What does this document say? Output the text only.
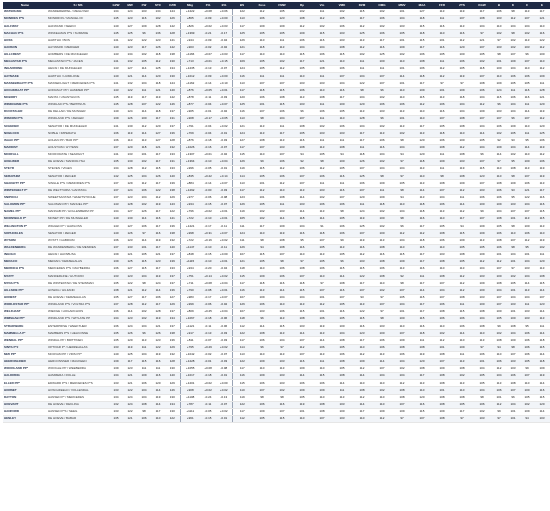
Name	S / MS	GZW	MW	FW	STC	CZW	Mkg	F%	E%	BS	Fess	FMW	Rp	Vm	VMK	DZM	OMG	MMV	MAA	FFR	ZTS	KGW	B	K	C	E	
WATERLINE	WANDERERPEL / MEGHYER	134	124	103	134	144	+1222	+0.08	+0.06	122	112	105	102	111	102	115	102	101	127	113	119	117	106	98	113	117	
MONDIES P*S	MONDRON / MANUEL FF	145	123	116	102	126	+865	-0.09	+0.00	113	106	123	108	112	105	117	106	104	118	111	107	108	103	112	107	121	
HALFWAY	HAFWAND / SEEKO	140	127	109	128	142	+826	+0.02	+0.03	117	109	109	112	102	106	112	102	103	115	116	113	104	110	104	104	110	
MACHAU P*S	WINKELMAN P*S / SUMMOE	145	125	96	136	128	+1399	-0.21	-0.17	125	105	105	109	115	103	125	106	105	118	110	116	97	102	98	102	116	
HOSS	HAWTHU / BOS	141	122	122	123	141	+944	-0.09	-0.04	126	110	111	106	116	103	113	117	101	115	101	112	121	97	102	113	122	
HANSON	HAYWARD / MEDIHER	140	123	117	126	142	+903	-0.02	-0.02	121	118	113	104	104	108	112	116	109	117	116	120	107	103	102	103	112	
HILLCREST	HOMBERS / DE MUNGELER	143	134	102	118	138	+1166	+0.07	+0.03	117	110	110	115	106	115	102	125	102	106	105	100	105	98	107	96	100	
MEGASTAR P*S	MEGASTAR P*S / JACEN	141	132	105	112	130	+713	+0.01	+0.15	109	105	102	117	121	110	111	100	110	108	111	106	102	101	109	107	110	
INGADRONE	HEGSI / DE MUNGELER	143	127	114	125	134	+1235	-0.13	-0.07	124	105	112	105	108	106	111	111	101	106	112	105	118	100	104	110	112	
HAYMAKE	HAWTHU / HUMILONE	140	121	114	120	130	+1012	-0.09	+0.00	116	111	111	110	111	107	104	107	114	118	112	119	107	110	106	106	109	
MASSEBRAATT P*S	MASSEFLIGHT / MERCEDES P*S	141	132	104	118	144	+1162	-0.14	+0.10	113	107	107	103	103	104	122	107	101	117	97	97	108	109	105	105	111	
HOCHKRAAT PP*	HOFRAGT PP / HAMMER PP*	143	122	111	121	140	+876	+0.05	+0.01	117	118	115	106	110	116	98	96	110	109	101	109	106	124	111	116	128	
MCBORY	MANTA / UNANTHUOS	145	119	117	119	142	+878	-0.11	-0.03	120	106	108	113	108	117	104	102	110	115	113	118	104	115	106	116	121	
WINDCHIME P*S	WINDLAD P*S / BEPPINUS	145	128	107	122	146	+877	-0.04	+0.07	125	101	115	103	111	100	120	106	106	112	106	104	112	96	104	111	120	
DUCKTALER	DE DELLAR / DE MUNGER	140	124	114	118	137	+905	-0.01	-0.02	116	107	106	96	106	105	113	103	113	110	116	104	109	103	104	114	119	
WISDOM P*S	WINDLAND P*S / ZEIGER	139	126	100	117	131	+908	+0.17	+0.05	113	98	104	107	111	110	128	96	101	110	107	108	107	107	96	107	112	
SCHEDER	SENATOR / DE MUNGELER	141	130	112	120	137	+791	-0.04	+0.02	121	113	111	108	102	106	104	102	113	117	105	108	104	106	109	110	120	
NOBLOCK	NOBLE / IMPERATH	136	119	114	127	136	+769	-0.04	-0.01	124	113	117	105	103	103	117	113	102	113	118	110	114	102	105	111	125	
ISAAC PP*	HOHAN PP / BAR PP*	136	110	113	127	128	+876	-0.18	-0.03	127	108	113	116	111	111	117	106	98	120	106	100	105	92	93	95	106	
MARIOST	HOLSTIUM / HYTENN	137	120	118	121	132	+1026	-0.16	-0.07	117	107	103	108	113	108	111	116	104	109	108	112	104	109	104	114	119	
MOOFALL	MOOFORATE / SEARGUT	141	133	101	117	133	+1307	+0.01	-0.02	115	110	107	94	105	94	118	104	94	120	111	108	96	114	102	110	112	
HOELWER	DE HOEVE / MANDOLYSH	135	130	102	117	131	+1364	-0.10	+0.04	126	99	106	92	98	100	126	102	97	118	109	103	107	97	95	100	106	
STEYR	STEVEN / VIGEN	134	128	112	115	133	+996	-0.05	-0.01	119	115	112	106	112	105	107	104	104	113	111	119	115	110	108	113	119	
SERAPHIM	SENATOR / ZEIGER	142	125	104	126	140	+835	+0.22	+0.14	114	105	106	107	106	116	125	98	97	110	98	108	123	110	98	107	119	
SHAKEITT PP*	SINGLE P*S / MEMORIES P*S	137	129	112	117	139	+884	-0.14	+0.07	113	101	112	107	111	111	106	109	105	113	108	109	107	108	109	106	113	
WINTERHELT P*	DE WELTTURM / HANSTAG	137	124	106	122	138	+1292	-0.00	-0.03	117	112	110	113	103	116	107	111	98	114	107	112	103	106	93	121	117	
SNIPOCH	SWEETSANTAM / WHEITSTOCHE	137	123	104	112	129	+977	-0.06	-0.08	123	101	108	114	102	107	120	109	94	113	104	111	106	106	95	122	116	
SALOMON PP*	SALOMAN PP / MANUEL PP*	143	128	102	119	143	+934	-0.15	-0.07	126	105	111	103	106	106	111	118	110	118	106	114	100	109	103	104	116	
NAMEL PP*	MANNAB PP / HOLLENBERM PP	134	127	126	117	122	+796	+0.02	+0.01	119	102	103	114	113	98	124	102	104	118	113	112	99	104	107	107	115	
MOONWALK P*	MONET PP / DE MUNGELER	140	130	114	116	141	+722	-0.10	+0.01	105	102	114	118	114	105	119	100	98	116	110	117	107	108	101	113	115	
WILLINGTON P*	WIGGEN P* / HAWLOSS	143	127	106	117	136	+1221	-0.17	-0.11	111	117	109	104	91	106	125	102	96	117	105	94	109	105	98	100	113	
SOPHOKLES	SENATOR / ZEIGER	140	126	97	116	138	+998	+0.31	+0.07	124	110	119	116	118	106	107	100	112	112	108	115	109	106	110	106	110	
WYSOM	WYATT / GABRIUM	136	123	114	119	132	+722	+0.16	+0.02	111	98	108	95	107	99	119	113	104	118	106	109	113	108	107	112	119	
WALDENBERG	DE WANDENBERG / DE MENDIES	137	133	101	117	140	+1147	-0.10	-0.11	126	94	108	116	105	113	116	108	110	115	110	105	105	106	98	95	102	
INGOLD	HEGSI / HAYABUSA	139	121	105	121	137	+848	-0.15	+0.00	107	115	107	110	113	105	112	116	115	117	103	108	109	101	104	101	111	
MEDACO	MEDIAN / KERZEHALAS	139	125	115	123	139	+1115	-0.10	+0.01	121	105	98	97	105	96	103	108	109	117	108	105	112	112	101	104	120	
MERDICH P*S	MERCEDES P*S / MAYBERRA	136	127	115	117	133	+934	-0.20	-0.04	118	110	106	108	106	115	115	106	113	116	110	113	104	107	97	103	113	
MYATT	MANDERLINE / HUTCRIO	133	123	104	119	137	+751	+0.14	+0.02	115	109	106	107	110	114	122	108	92	111	108	112	103	100	102	104	108	
MYDA P*S	DE WINTEDTAR / DE STEINMAN	135	122	98	124	137	+711	+0.08	+0.04	117	118	116	118	97	108	117	110	98	117	107	112	109	108	105	114	115	
HILLSIDE PP*	HOWAG / HILFAND	138	121	112	114	136	+790	-0.08	+0.01	116	113	114	115	107	116	107	102	107	114	104	112	100	104	101	113	114	
HONEST	DE HOEVE / KERZEHALAS	135	127	117	106	127	+983	-0.17	+0.07	107	109	104	104	101	107	93	97	105	115	107	108	103	107	104	104	107	
WORLDSTAR PP*	WINDLAND P*S / VOLTRA P*S	137	128	112	117	129	+999	-0.06	-0.02	126	106	110	113	112	105	113	107	104	117	106	111	100	107	103	111	123	
WELZHAST	WIEDGE / HOGARCHIOS	136	114	102	128	137	+809	+0.25	+0.04	107	103	106	115	101	116	122	97	101	117	108	115	108	100	101	103	114	
WIMSHAB PP*	WINDLAND P*S / WITLATE PP	134	123	102	119	134	+1067	-0.18	-0.06	118	96	113	108	106	105	115	98	100	115	106	106	104	105	100	103	113	
STRADWARE	ENTERPRISE / WEEKTHER	136	124	104	121	137	+1121	-0.11	-0.06	112	114	115	103	119	100	116	103	110	116	110	106	108	99	108	95	111	
MAMMELLA P*	MAMBERS P*S / HELKONNE	135	126	96	126	138	+917	-0.13	-0.03	122	108	113	114	113	104	123	100	107	118	102	114	110	102	104	106	114	
WENDAL PP*	WINDAL PP / BIRTTINEN	135	120	113	123	136	+811	-0.07	-0.03	117	106	104	107	114	108	117	106	109	111	112	110	113	108	100	106	118	
SINTA P*J	OPTIVAR P* / HERZEHALAS	133	119	111	122	129	+795	+0.29	+0.02	114	96	97	112	106	105	110	106	108	108	101	109	97	94	98	106	115	
MIZI PP*	MOOVAM PP / VRIS PP*	140	125	104	119	132	+1042	-0.02	-0.07	113	110	113	107	113	106	112	113	106	119	108	111	106	110	107	106	114	
HEERONLINER	HERCONSSER / MAUKEEN	139	117	115	116	128	+1228	-0.01	-0.03	122	109	103	116	111	108	109	114	104	120	107	113	101	106	103	105	118	
WOODLAND PP*	WOOGLE PP / WEEBERRA	139	123	111	111	130	+1055	+0.08	-0.08	117	110	113	109	110	105	112	107	102	108	109	108	104	112	103	99	109	
HALDRING	HAMMERA / ROLLE	134	121	109	116	140	+1017	-0.18	-0.01	116	109	103	114	115	108	114	104	104	117	108	102	105	104	106	107	119	
ELLER PP*	EDWARD P*S / MERCEDES P*S	133	121	106	120	129	+1201	+0.02	+0.00	115	106	103	106	106	114	110	110	112	113	108	113	105	113	108	110	114	
HORNET	HOSCHFEELD / VOLLENDAL	133	122	104	114	146	+908	+0.02	+0.02	110	107	102	109	109	111	108	102	108	110	101	110	104	106	107	100	116	
DAYTON	HANSEN P* / MERCEDES	134	124	104	119	130	+1108	-0.24	-0.13	119	98	98	105	110	113	112	110	108	120	108	108	98	101	96	105	115	
HOEVART	DE HOEVE / DEKLINA	132	124	108	114	134	+787	-0.11	-0.07	122	106	116	119	108	103	114	110	107	116	108	105	106	112	104	102	120	
HANFORD	HANSEN P*S / SEEG	133	122	98	117	130	+1111	-0.05	+0.02	117	109	107	101	108	100	117	109	109	115	109	117	102	99	101	109	114	
HENLEY	DE HOEVE / BABAR	135	121	106	110	122	+961	-0.15	-0.01	112	105	115	110	107	103	110	112	97	107	108	97	103	97	101	94	103	
